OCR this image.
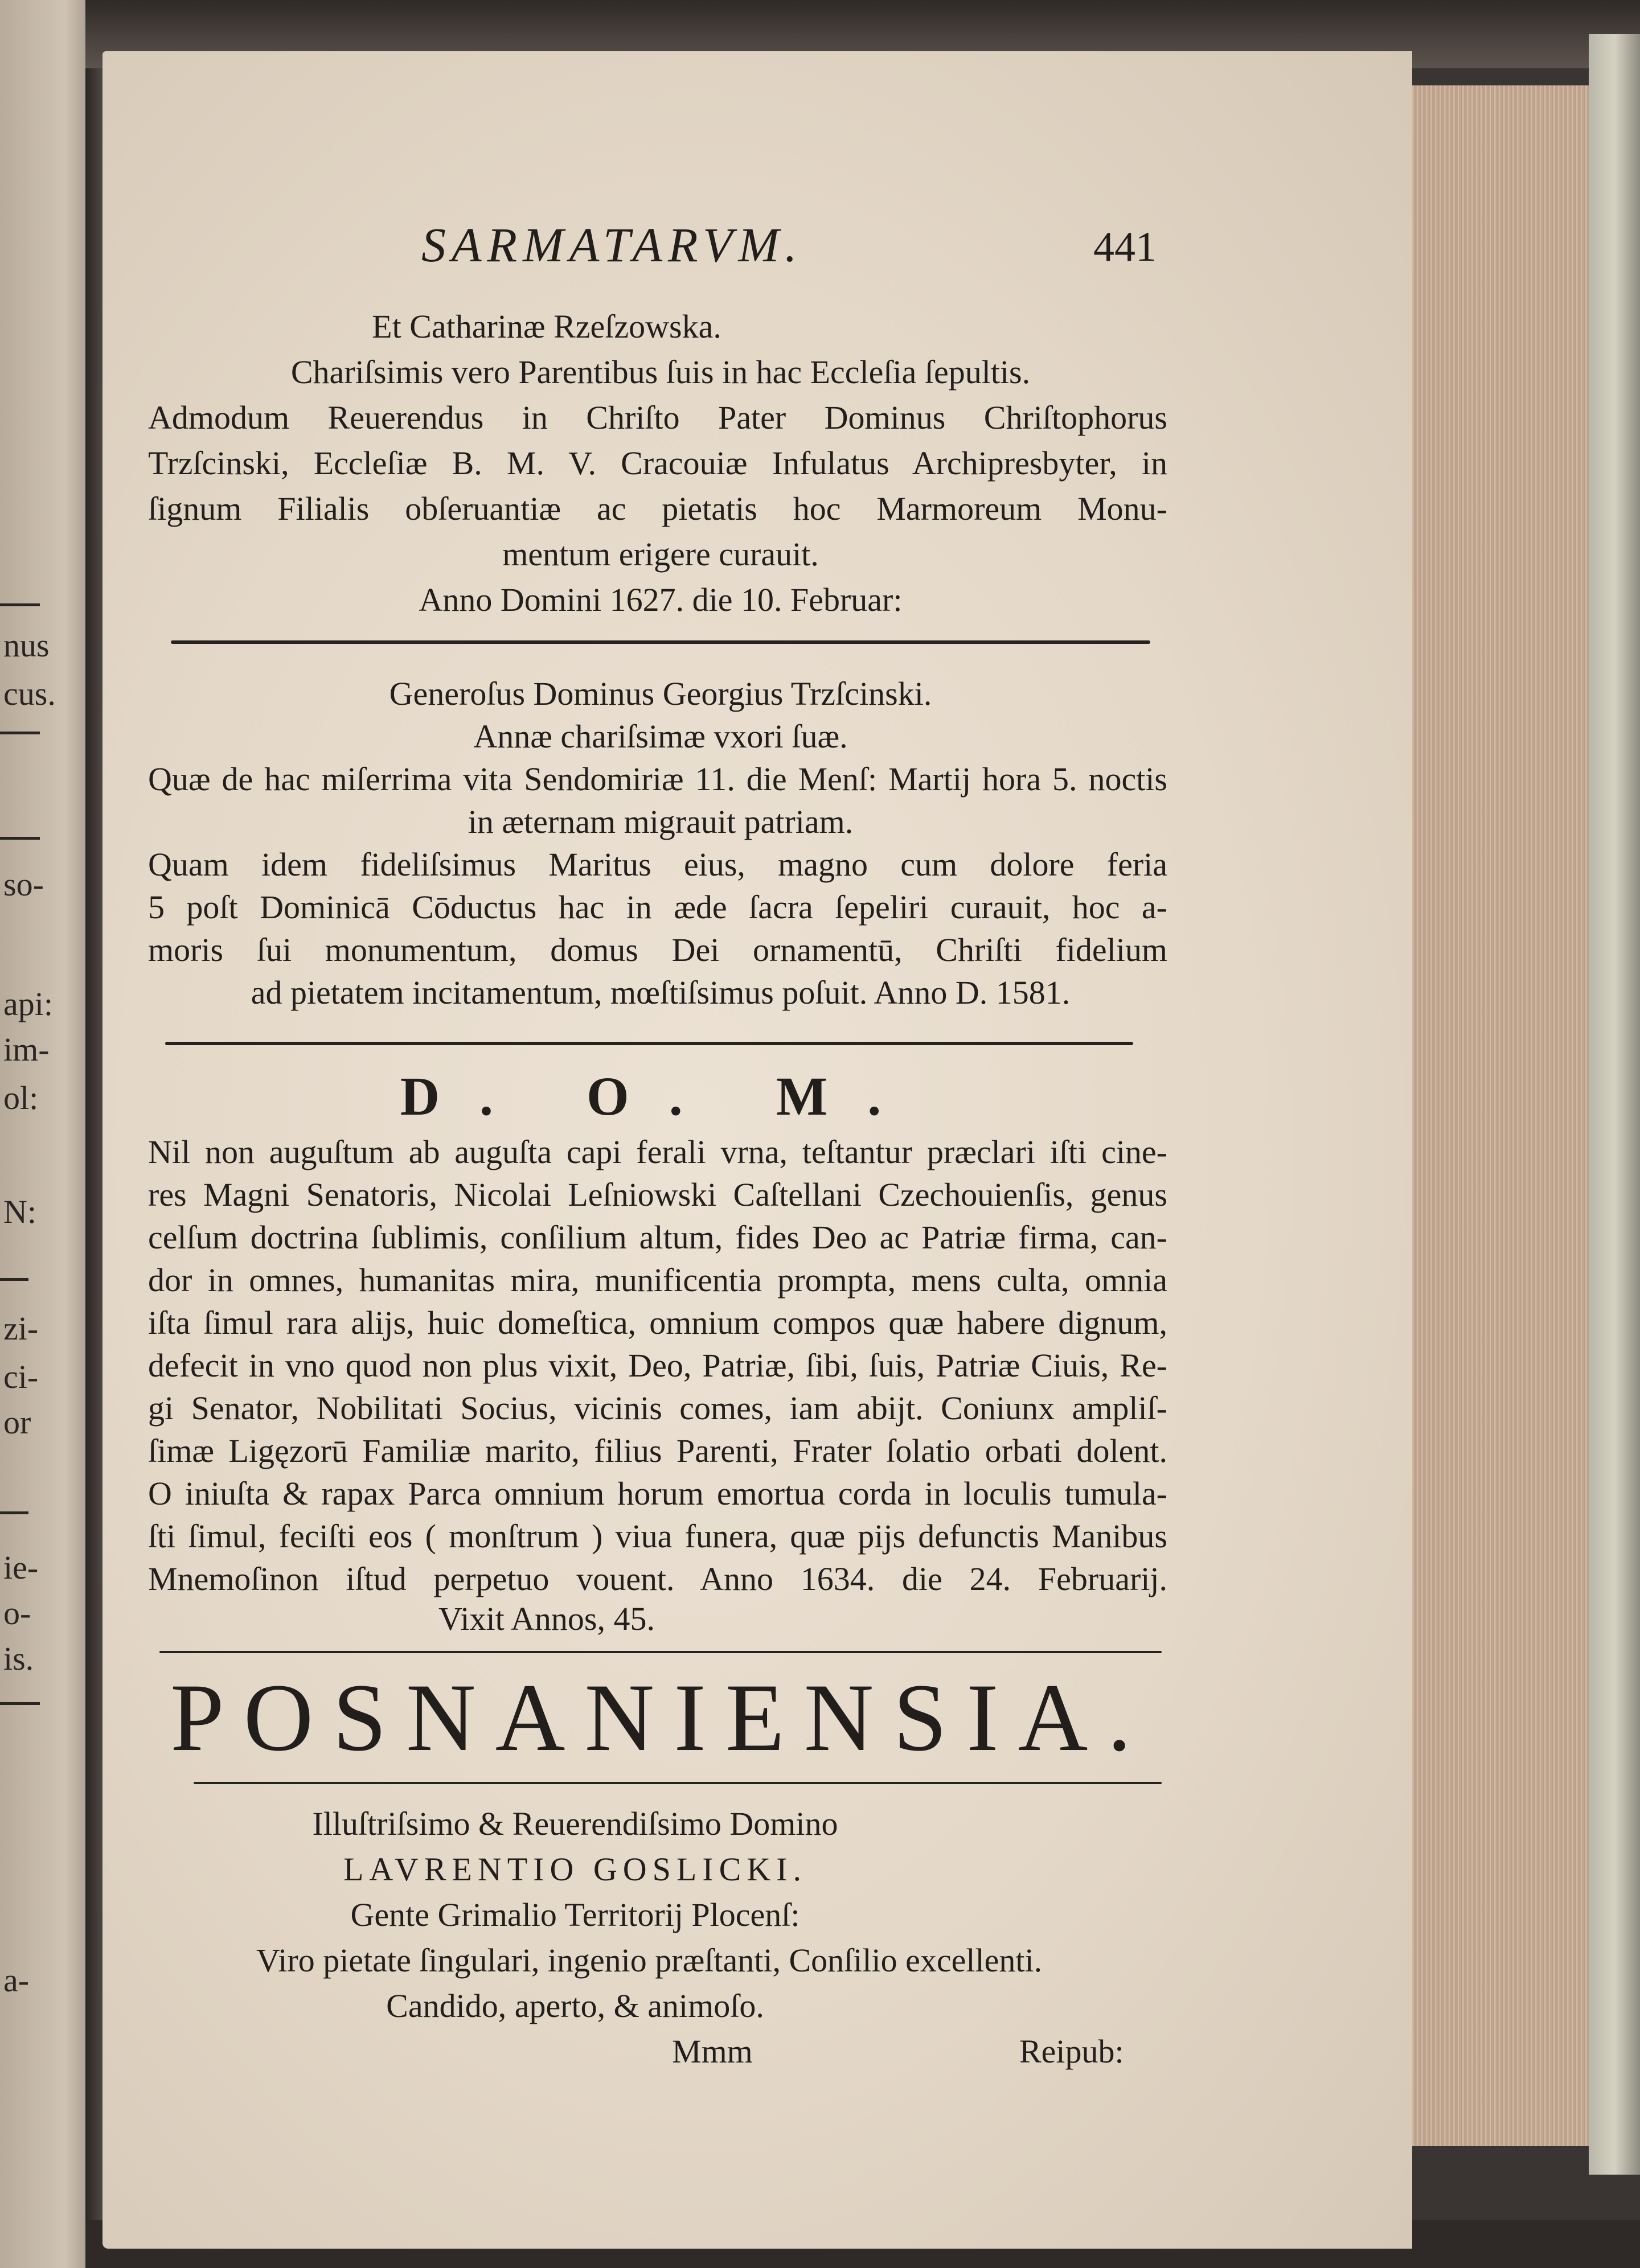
nus
cus.
so-
api:
im-
ol:
N:
zi-
ci-
or
ie-
o-
is.
a-
SARMATARVM.	441
Et Catharinæ Rzeſzowska.
Chariſsimis vero Parentibus ſuis in hac Eccleſia ſepultis.
Admodum Reuerendus in Chriſto Pater Dominus Chriſtophorus
Trzſcinski, Eccleſiæ B. M. V. Cracouiæ Infulatus Archipresbyter, in
ſignum Filialis obſeruantiæ ac pietatis hoc Marmoreum Monu-
mentum erigere curauit.
Anno Domini 1627. die 10. Februar:
Generoſus Dominus Georgius Trzſcinski.
Annæ chariſsimæ vxori ſuæ.
Quæ de hac miſerrima vita Sendomiriæ 11. die Menſ: Martij hora 5. noctis
in æternam migrauit patriam.
Quam idem fideliſsimus Maritus eius, magno cum dolore feria
5 poſt Dominicā Cōductus hac in æde ſacra ſepeliri curauit, hoc a-
moris ſui monumentum, domus Dei ornamentū, Chriſti fidelium
ad pietatem incitamentum, mœſtiſsimus poſuit. Anno D. 1581.
D. O. M.
Nil non auguſtum ab auguſta capi ferali vrna, teſtantur præclari iſti cine-
res Magni Senatoris, Nicolai Leſniowski Caſtellani Czechouienſis, genus
celſum doctrina ſublimis, conſilium altum, fides Deo ac Patriæ firma, can-
dor in omnes, humanitas mira, munificentia prompta, mens culta, omnia
iſta ſimul rara alijs, huic domeſtica, omnium compos quæ habere dignum,
defecit in vno quod non plus vixit, Deo, Patriæ, ſibi, ſuis, Patriæ Ciuis, Re-
gi Senator, Nobilitati Socius, vicinis comes, iam abijt. Coniunx ampliſ-
ſimæ Ligęzorū Familiæ marito, filius Parenti, Frater ſolatio orbati dolent.
O iniuſta & rapax Parca omnium horum emortua corda in loculis tumula-
ſti ſimul, feciſti eos ( monſtrum ) viua funera, quæ pijs defunctis Manibus
Mnemoſinon iſtud perpetuo vouent. Anno 1634. die 24. Februarij.
Vixit Annos, 45.
POSNANIENSIA.
Illuſtriſsimo & Reuerendiſsimo Domino
LAVRENTIO GOSLICKI.
Gente Grimalio Territorij Plocenſ:
Viro pietate ſingulari, ingenio præſtanti, Conſilio excellenti.
Candido, aperto, & animoſo.
Mmm	Reipub:
